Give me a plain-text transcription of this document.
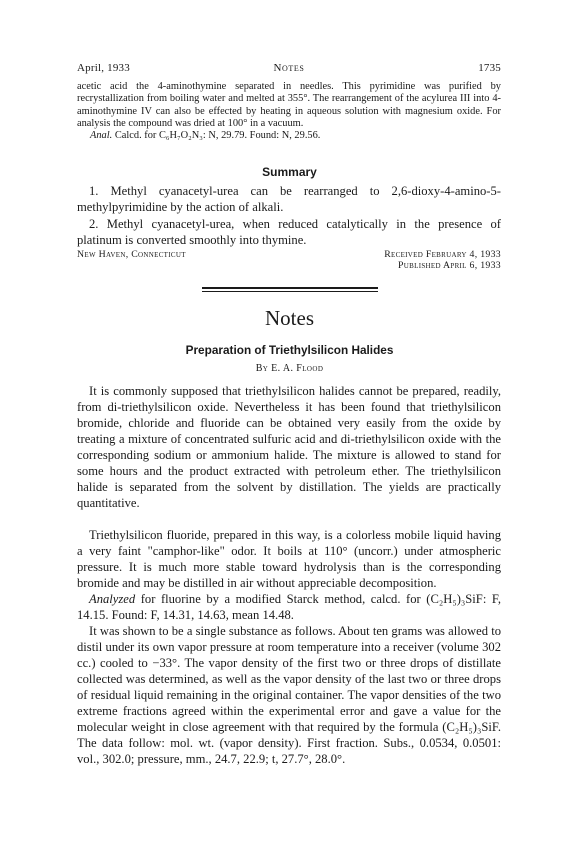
April, 1933	Notes	1735
acetic acid the 4-aminothymine separated in needles. This pyrimidine was purified by recrystallization from boiling water and melted at 355°. The rearrangement of the acylurea III into 4-aminothymine IV can also be effected by heating in aqueous solution with magnesium oxide. For analysis the compound was dried at 100° in a vacuum.
Anal. Calcd. for C₆H₇O₂N₃: N, 29.79. Found: N, 29.56.
Summary
1. Methyl cyanacetyl-urea can be rearranged to 2,6-dioxy-4-amino-5-methylpyrimidine by the action of alkali.
2. Methyl cyanacetyl-urea, when reduced catalytically in the presence of platinum is converted smoothly into thymine.
New Haven, Connecticut	Received February 4, 1933
Published April 6, 1933
Notes
Preparation of Triethylsilicon Halides
By E. A. Flood
It is commonly supposed that triethylsilicon halides cannot be prepared, readily, from di-triethylsilicon oxide. Nevertheless it has been found that triethylsilicon bromide, chloride and fluoride can be obtained very easily from the oxide by treating a mixture of concentrated sulfuric acid and di-triethylsilicon oxide with the corresponding sodium or ammonium halide. The mixture is allowed to stand for some hours and the product extracted with petroleum ether. The triethylsilicon halide is separated from the solvent by distillation. The yields are practically quantitative.
Triethylsilicon fluoride, prepared in this way, is a colorless mobile liquid having a very faint "camphor-like" odor. It boils at 110° (uncorr.) under atmospheric pressure. It is much more stable toward hydrolysis than is the corresponding bromide and may be distilled in air without appreciable decomposition.
Analyzed for fluorine by a modified Starck method, calcd. for (C₂H₅)₃SiF: F, 14.15. Found: F, 14.31, 14.63, mean 14.48.
It was shown to be a single substance as follows. About ten grams was allowed to distil under its own vapor pressure at room temperature into a receiver (volume 302 cc.) cooled to −33°. The vapor density of the first two or three drops of distillate collected was determined, as well as the vapor density of the last two or three drops of residual liquid remaining in the original container. The vapor densities of the two extreme fractions agreed within the experimental error and gave a value for the molecular weight in close agreement with that required by the formula (C₂H₅)₃SiF. The data follow: mol. wt. (vapor density). First fraction. Subs., 0.0534, 0.0501: vol., 302.0; pressure, mm., 24.7, 22.9; t, 27.7°, 28.0°.
